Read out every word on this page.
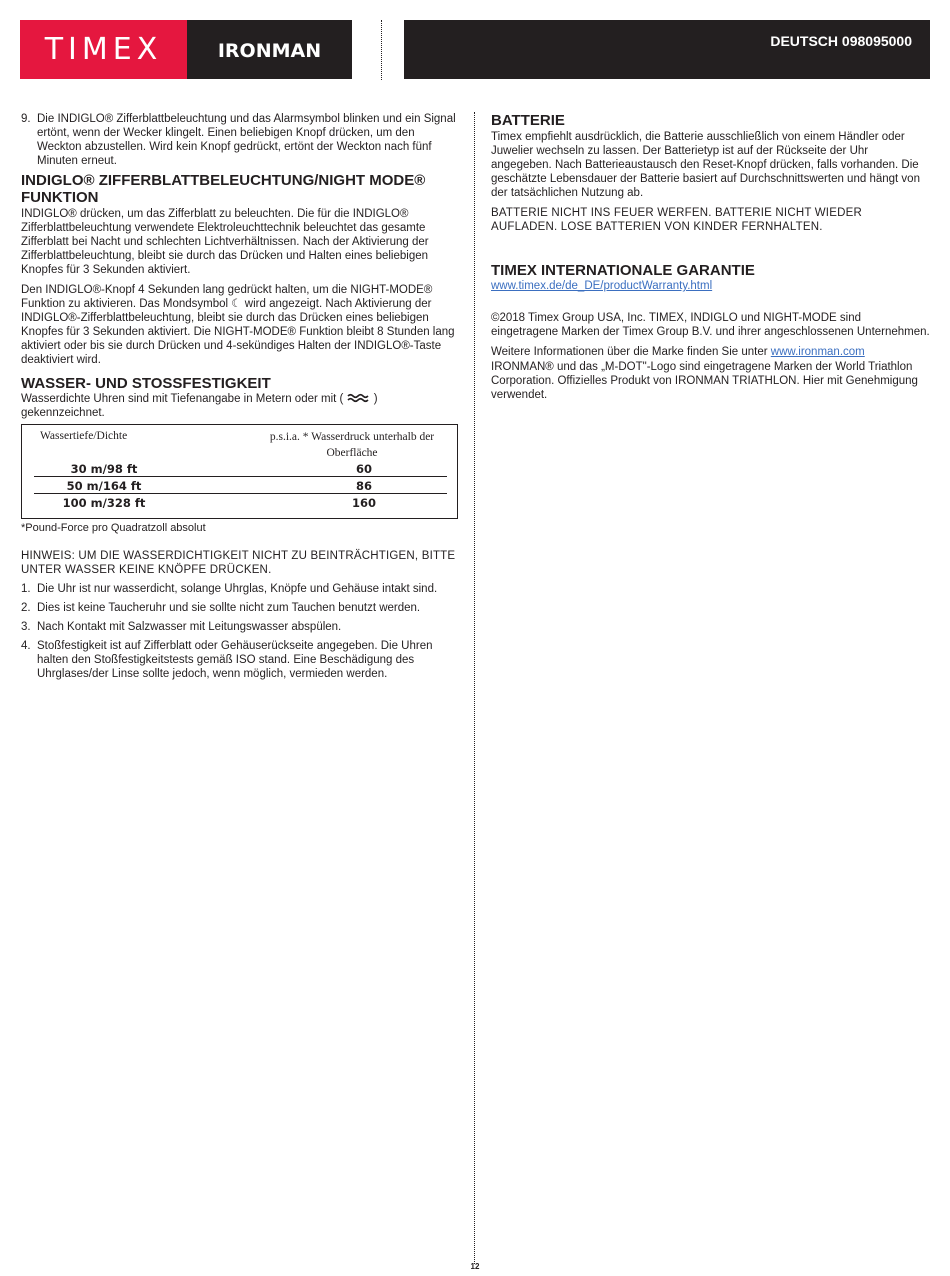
TIMEX	IRONMAN	DEUTSCH 098095000
9. Die INDIGLO® Zifferblattbeleuchtung und das Alarmsymbol blinken und ein Signal ertönt, wenn der Wecker klingelt. Einen beliebigen Knopf drücken, um den Weckton abzustellen. Wird kein Knopf gedrückt, ertönt der Weckton nach fünf Minuten erneut.
INDIGLO® ZIFFERBLATTBELEUCHTUNG/NIGHT MODE® FUNKTION

INDIGLO® drücken, um das Zifferblatt zu beleuchten. Die für die INDIGLO® Zifferblattbeleuchtung verwendete Elektroleuchttechnik beleuchtet das gesamte Zifferblatt bei Nacht und schlechten Lichtverhältnissen. Nach der Aktivierung der Zifferblattbeleuchtung, bleibt sie durch das Drücken und Halten eines beliebigen Knopfes für 3 Sekunden aktiviert.

Den INDIGLO®-Knopf 4 Sekunden lang gedrückt halten, um die NIGHT-MODE® Funktion zu aktivieren. Das Mondsymbol ☾ wird angezeigt. Nach Aktivierung der INDIGLO®-Zifferblattbeleuchtung, bleibt sie durch das Drücken eines beliebigen Knopfes für 3 Sekunden aktiviert. Die NIGHT-MODE® Funktion bleibt 8 Stunden lang aktiviert oder bis sie durch Drücken und 4-sekündiges Halten der INDIGLO®-Taste deaktiviert wird.

WASSER- UND STOSSFESTIGKEIT

Wasserdichte Uhren sind mit Tiefenangabe in Metern oder mit (	) gekennzeichnet.

Wassertiefe/Dichte	p.s.i.a. * Wasserdruck unterhalb der Oberfläche
30 m/98 ft	60
50 m/164 ft	86
100 m/328 ft	160

*Pound-Force pro Quadratzoll absolut

HINWEIS: UM DIE WASSERDICHTIGKEIT NICHT ZU BEINTRÄCHTIGEN, BITTE UNTER WASSER KEINE KNÖPFE DRÜCKEN.

1. Die Uhr ist nur wasserdicht, solange Uhrglas, Knöpfe und Gehäuse intakt sind.
2. Dies ist keine Taucheruhr und sie sollte nicht zum Tauchen benutzt werden.
3. Nach Kontakt mit Salzwasser mit Leitungswasser abspülen.
4. Stoßfestigkeit ist auf Zifferblatt oder Gehäuserückseite angegeben. Die Uhren halten den Stoßfestigkeitstests gemäß ISO stand. Eine Beschädigung des Uhrglases/der Linse sollte jedoch, wenn möglich, vermieden werden.
BATTERIE

Timex empfiehlt ausdrücklich, die Batterie ausschließlich von einem Händler oder Juwelier wechseln zu lassen. Der Batterietyp ist auf der Rückseite der Uhr angegeben. Nach Batterieaustausch den Reset-Knopf drücken, falls vorhanden. Die geschätzte Lebensdauer der Batterie basiert auf Durchschnittswerten und hängt von der tatsächlichen Nutzung ab.

BATTERIE NICHT INS FEUER WERFEN. BATTERIE NICHT WIEDER AUFLADEN. LOSE BATTERIEN VON KINDER FERNHALTEN.

TIMEX INTERNATIONALE GARANTIE

www.timex.de/de_DE/productWarranty.html

©2018 Timex Group USA, Inc. TIMEX, INDIGLO und NIGHT-MODE sind eingetragene Marken der Timex Group B.V. und ihrer angeschlossenen Unternehmen.

Weitere Informationen über die Marke finden Sie unter www.ironman.com

IRONMAN® und das „M-DOT"-Logo sind eingetragene Marken der World Triathlon Corporation. Offizielles Produkt von IRONMAN TRIATHLON. Hier mit Genehmigung verwendet.

12
